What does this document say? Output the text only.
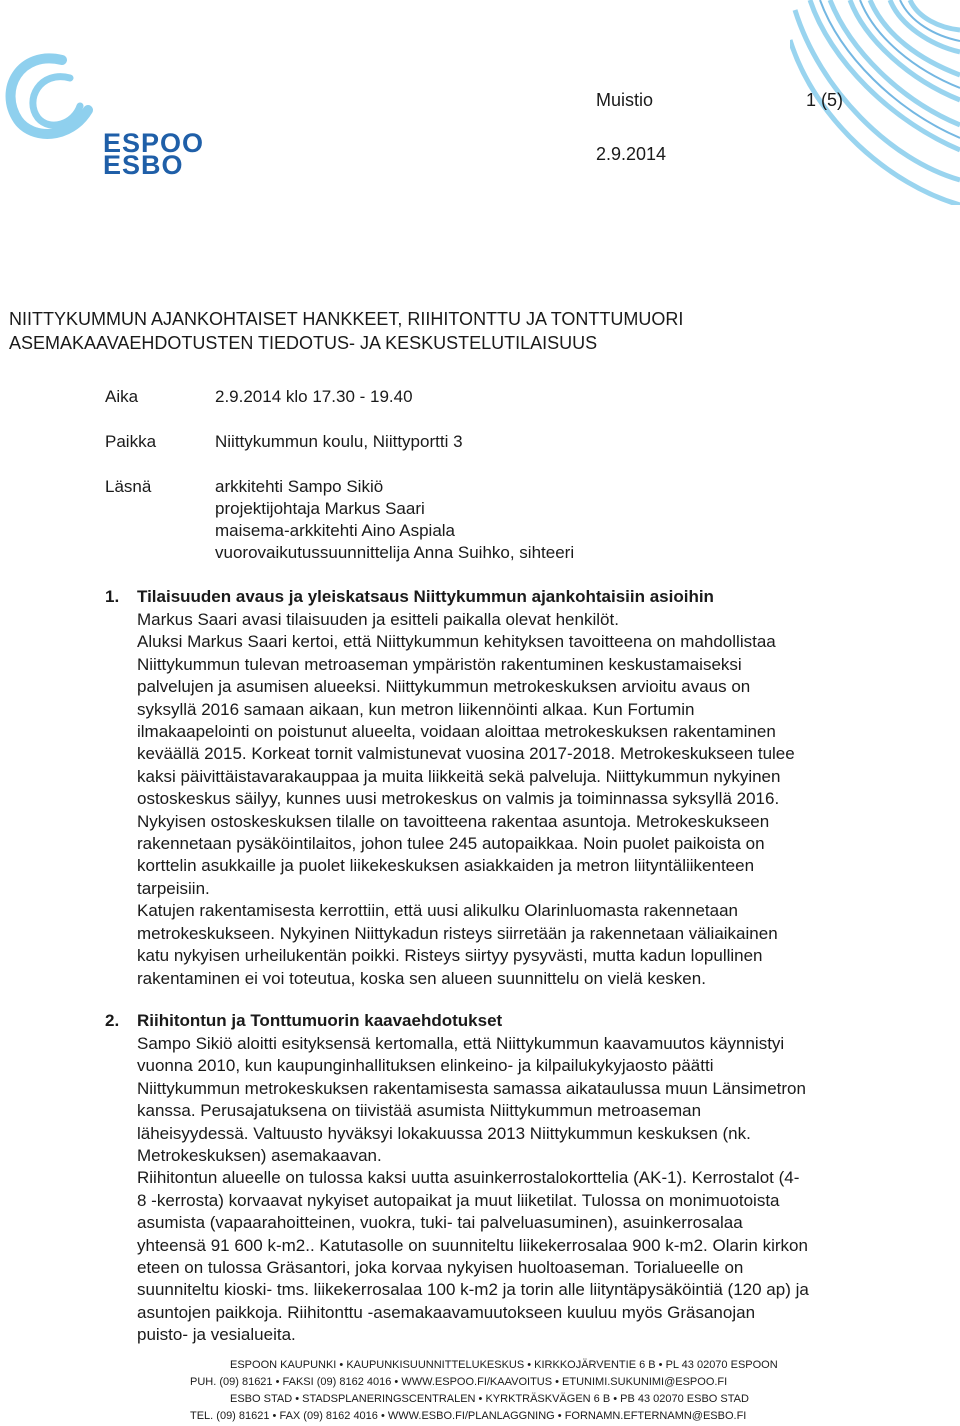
ESPOO
ESBO
Muistio	1 (5)
2.9.2014
NIITTYKUMMUN AJANKOHTAISET HANKKEET, RIIHITONTTU JA TONTTUMUORI
ASEMAKAAVAEHDOTUSTEN TIEDOTUS- JA KESKUSTELUTILAISUUS
Aika	2.9.2014 klo 17.30 - 19.40
Paikka	Niittykummun koulu, Niittyportti 3
Läsnä	arkkitehti Sampo Sikiö
projektijohtaja Markus Saari
maisema-arkkitehti Aino Aspiala
vuorovaikutussuunnittelija Anna Suihko, sihteeri
1. Tilaisuuden avaus ja yleiskatsaus Niittykummun ajankohtaisiin asioihin

Markus Saari avasi tilaisuuden ja esitteli paikalla olevat henkilöt.

Aluksi Markus Saari kertoi, että Niittykummun kehityksen tavoitteena on mahdollistaa

Niittykummun tulevan metroaseman ympäristön rakentuminen keskustamaiseksi

palvelujen ja asumisen alueeksi. Niittykummun metrokeskuksen arvioitu avaus on

syksyllä 2016 samaan aikaan, kun metron liikennöinti alkaa. Kun Fortumin

ilmakaapelointi on poistunut alueelta, voidaan aloittaa metrokeskuksen rakentaminen

keväällä 2015. Korkeat tornit valmistunevat vuosina 2017-2018. Metrokeskukseen tulee

kaksi päivittäistavarakauppaa ja muita liikkeitä sekä palveluja. Niittykummun nykyinen

ostoskeskus säilyy, kunnes uusi metrokeskus on valmis ja toiminnassa syksyllä 2016.

Nykyisen ostoskeskuksen tilalle on tavoitteena rakentaa asuntoja. Metrokeskukseen

rakennetaan pysäköintilaitos, johon tulee 245 autopaikkaa. Noin puolet paikoista on

korttelin asukkaille ja puolet liikekeskuksen asiakkaiden ja metron liityntäliikenteen

tarpeisiin.

Katujen rakentamisesta kerrottiin, että uusi alikulku Olarinluomasta rakennetaan

metrokeskukseen. Nykyinen Niittykadun risteys siirretään ja rakennetaan väliaikainen

katu nykyisen urheilukentän poikki. Risteys siirtyy pysyvästi, mutta kadun lopullinen

rakentaminen ei voi toteutua, koska sen alueen suunnittelu on vielä kesken.

2. Riihitontun ja Tonttumuorin kaavaehdotukset

Sampo Sikiö aloitti esityksensä kertomalla, että Niittykummun kaavamuutos käynnistyi

vuonna 2010, kun kaupunginhallituksen elinkeino- ja kilpailukykyjaosto päätti

Niittykummun metrokeskuksen rakentamisesta samassa aikataulussa muun Länsimetron

kanssa. Perusajatuksena on tiivistää asumista Niittykummun metroaseman

läheisyydessä. Valtuusto hyväksyi lokakuussa 2013 Niittykummun keskuksen (nk.

Metrokeskuksen) asemakaavan.

Riihitontun alueelle on tulossa kaksi uutta asuinkerrostalokorttelia (AK-1). Kerrostalot (4-

8 -kerrosta) korvaavat nykyiset autopaikat ja muut liiketilat. Tulossa on monimuotoista

asumista (vapaarahoitteinen, vuokra, tuki- tai palveluasuminen), asuinkerrosalaa

yhteensä 91 600 k-m2.. Katutasolle on suunniteltu liikekerrosalaa 900 k-m2. Olarin kirkon

eteen on tulossa Gräsantori, joka korvaa nykyisen huoltoaseman. Torialueelle on

suunniteltu kioski- tms. liikekerrosalaa 100 k-m2 ja torin alle liityntäpysäköintiä (120 ap) ja

asuntojen paikkoja. Riihitonttu -asemakaavamuutokseen kuuluu myös Gräsanojan

puisto- ja vesialueita.

ESPOON KAUPUNKI • KAUPUNKISUUNNITTELUKESKUS • KIRKKOJÄRVENTIE 6 B • PL 43 02070 ESPOON
PUH. (09) 81621 • FAKSI (09) 8162 4016 • WWW.ESPOO.FI/KAAVOITUS • ETUNIMI.SUKUNIMI@ESPOO.FI
ESBO STAD • STADSPLANERINGSCENTRALEN • KYRKTRÄSKVÄGEN 6 B • PB 43 02070 ESBO STAD
TEL. (09) 81621 • FAX (09) 8162 4016 • WWW.ESBO.FI/PLANLAGGNING • FORNAMN.EFTERNAMN@ESBO.FI
